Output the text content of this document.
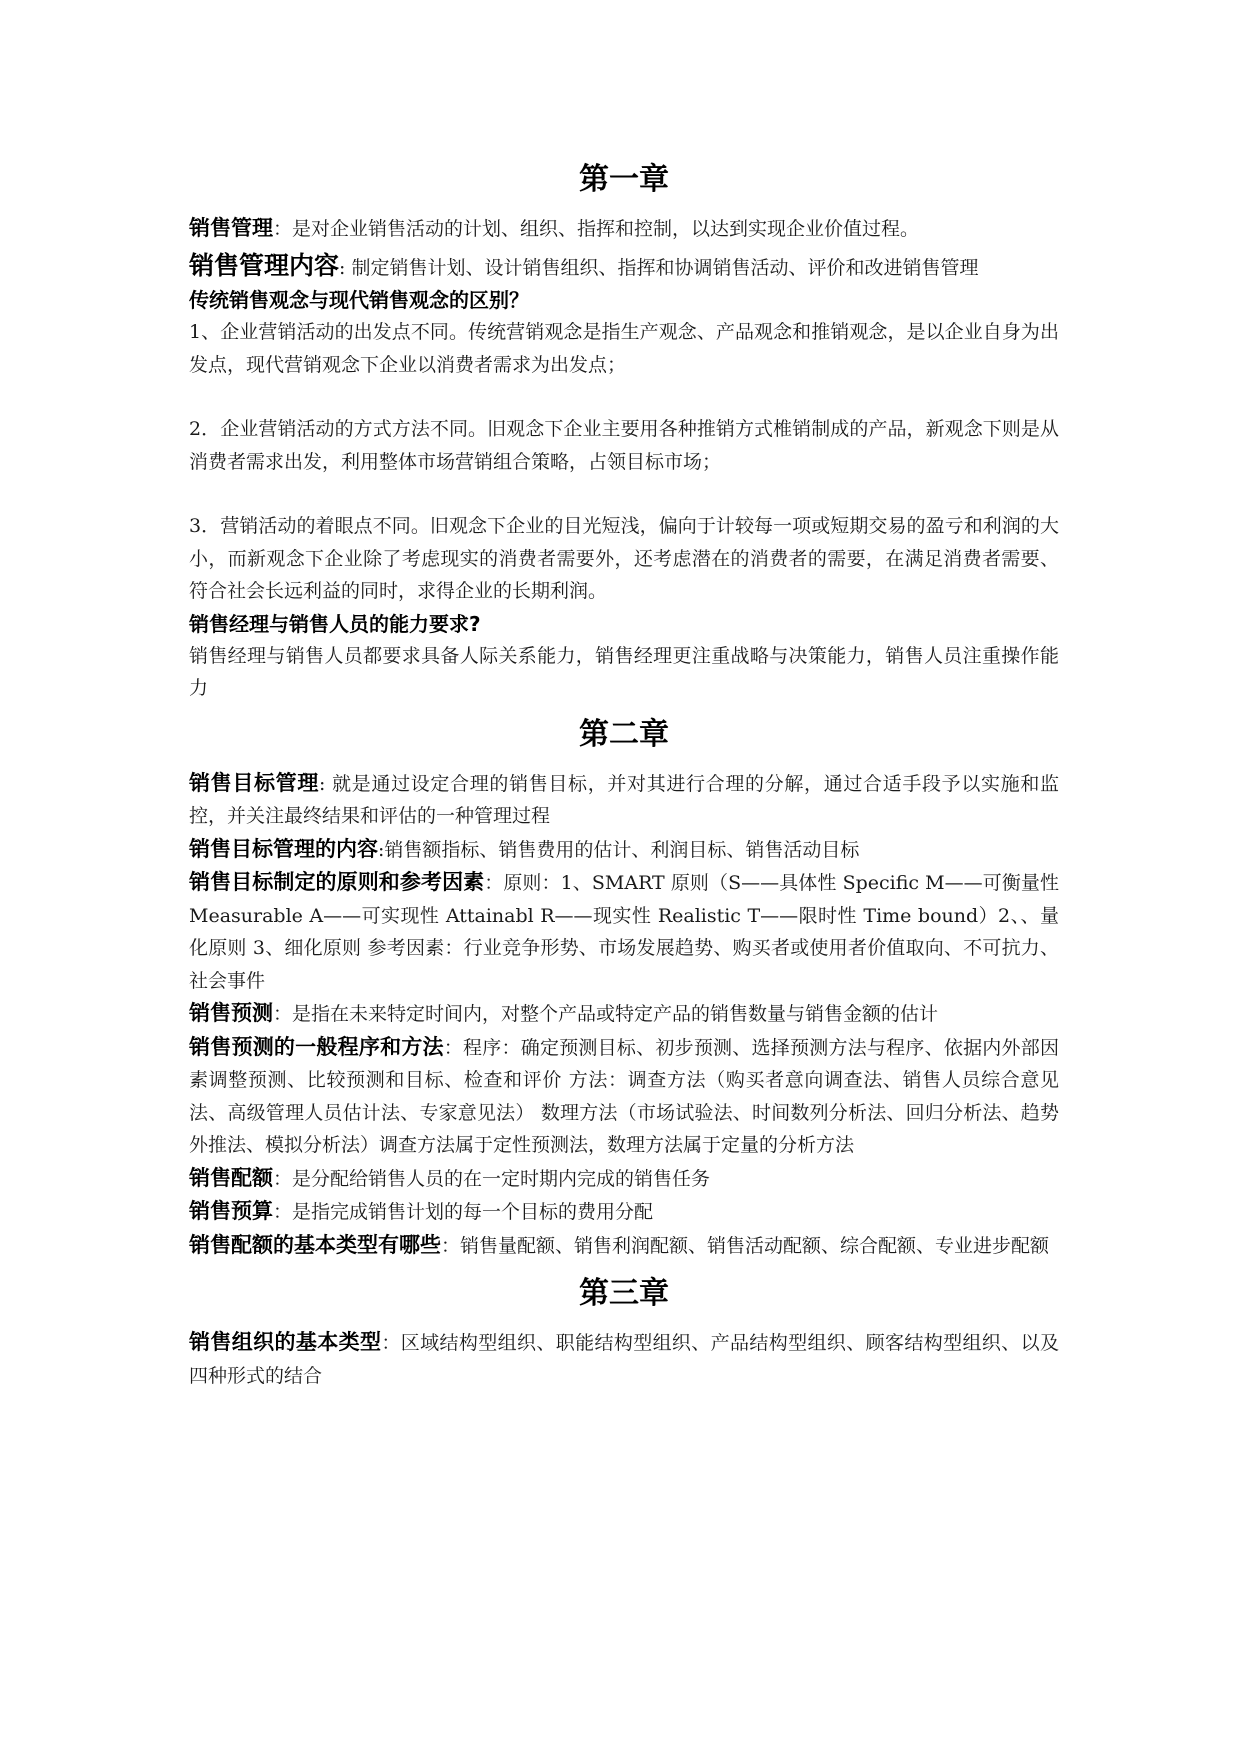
第一章

销售管理：是对企业销售活动的计划、组织、指挥和控制，以达到实现企业价值过程。

销售管理内容: 制定销售计划、设计销售组织、指挥和协调销售活动、评价和改进销售管理

传统销售观念与现代销售观念的区别？

1、企业营销活动的出发点不同。传统营销观念是指生产观念、产品观念和推销观念，是以企业自身为出发点，现代营销观念下企业以消费者需求为出发点；

2．企业营销活动的方式方法不同。旧观念下企业主要用各种推销方式椎销制成的产品，新观念下则是从消费者需求出发，利用整体市场营销组合策略，占领目标市场；

3．营销活动的着眼点不同。旧观念下企业的目光短浅，偏向于计较每一项或短期交易的盈亏和利润的大小，而新观念下企业除了考虑现实的消费者需要外，还考虑潜在的消费者的需要，在满足消费者需要、符合社会长远利益的同时，求得企业的长期利润。

销售经理与销售人员的能力要求?

销售经理与销售人员都要求具备人际关系能力，销售经理更注重战略与决策能力，销售人员注重操作能力

第二章

销售目标管理: 就是通过设定合理的销售目标，并对其进行合理的分解，通过合适手段予以实施和监控，并关注最终结果和评估的一种管理过程

销售目标管理的内容:销售额指标、销售费用的估计、利润目标、销售活动目标

销售目标制定的原则和参考因素：原则：1、SMART 原则（S——具体性 Specific M——可衡量性 Measurable A——可实现性 Attainabl R——现实性 Realistic T——限时性 Time bound）2、、量化原则 3、细化原则 参考因素：行业竞争形势、市场发展趋势、购买者或使用者价值取向、不可抗力、社会事件

销售预测：是指在未来特定时间内，对整个产品或特定产品的销售数量与销售金额的估计

销售预测的一般程序和方法：程序：确定预测目标、初步预测、选择预测方法与程序、依据内外部因素调整预测、比较预测和目标、检查和评价 方法：调查方法（购买者意向调查法、销售人员综合意见法、高级管理人员估计法、专家意见法） 数理方法（市场试验法、时间数列分析法、回归分析法、趋势外推法、模拟分析法）调查方法属于定性预测法，数理方法属于定量的分析方法

销售配额：是分配给销售人员的在一定时期内完成的销售任务

销售预算：是指完成销售计划的每一个目标的费用分配

销售配额的基本类型有哪些：销售量配额、销售利润配额、销售活动配额、综合配额、专业进步配额

第三章

销售组织的基本类型：区域结构型组织、职能结构型组织、产品结构型组织、顾客结构型组织、以及四种形式的结合
